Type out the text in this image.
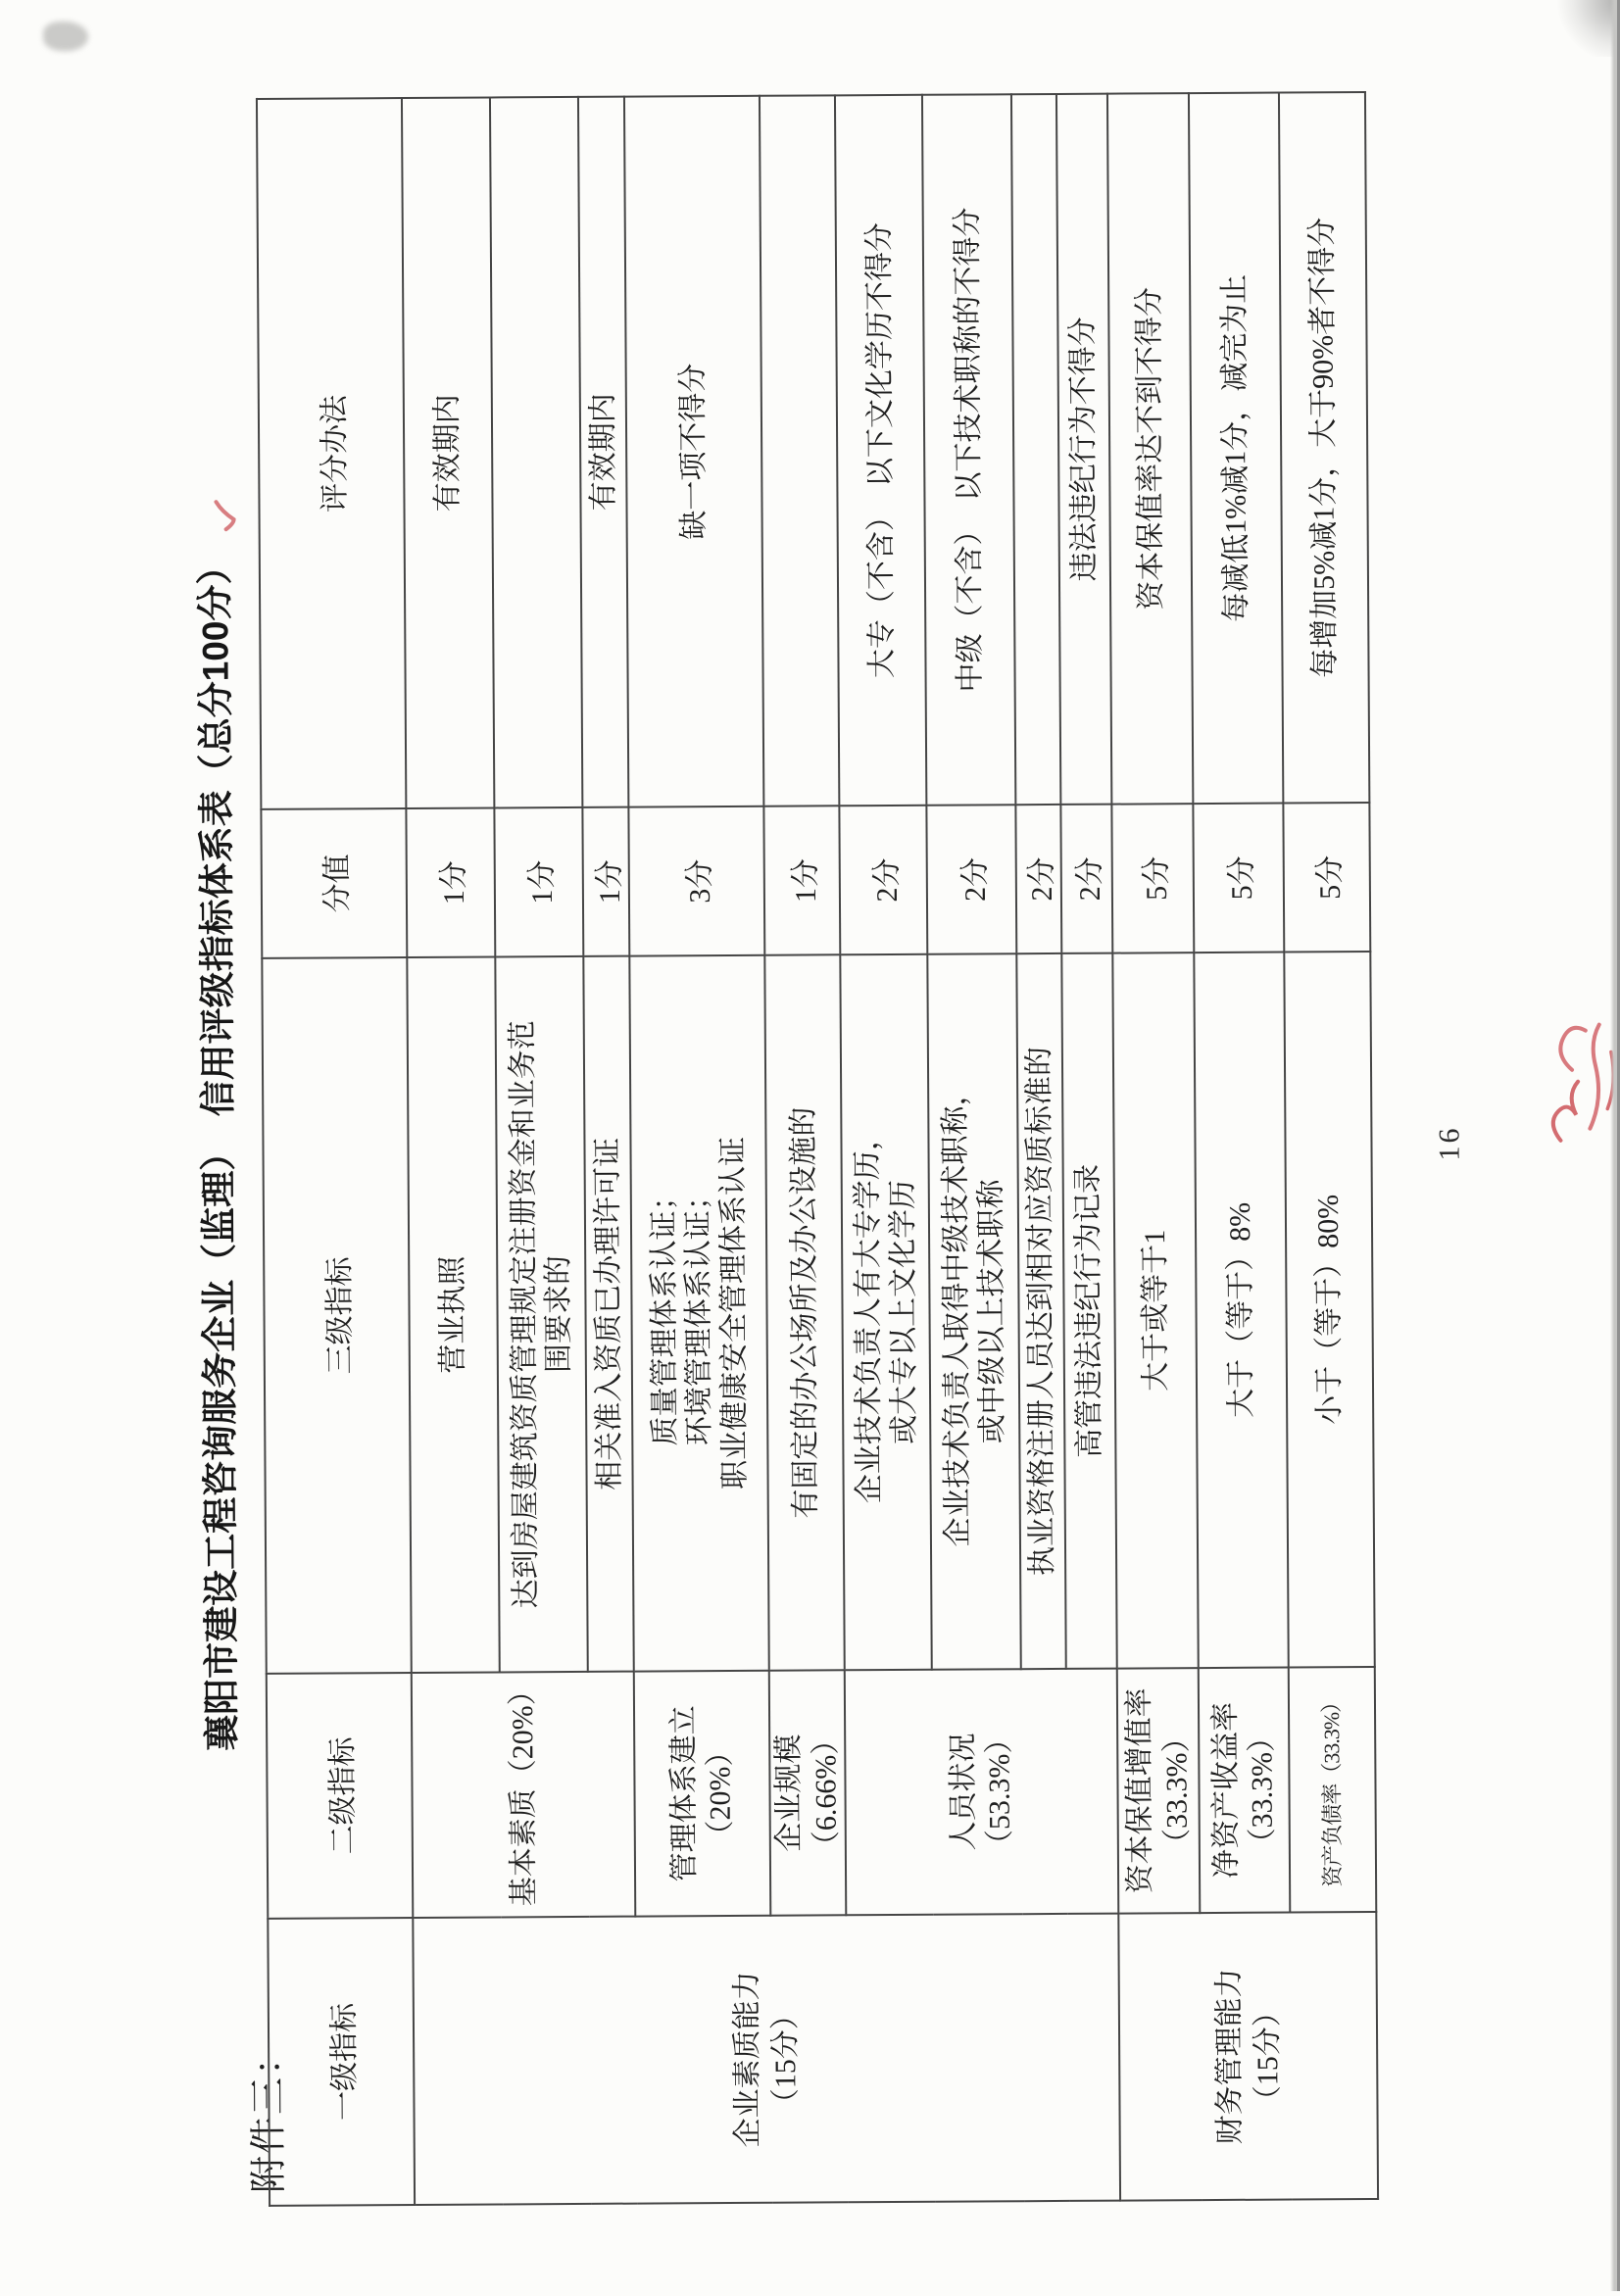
附件三：
襄阳市建设工程咨询服务企业（监理）　信用评级指标体系表（总分100分）
一级指标	二级指标	三级指标	分值	评分办法
企业素质能力
（15分）	基本素质（20%）	营业执照	1分	有效期内
		达到房屋建筑资质管理规定注册资金和业务范
围要求的	1分	
		相关准入资质已办理许可证	1分	有效期内
	管理体系建立
（20%）	质量管理体系认证；
环境管理体系认证；
职业健康安全管理体系认证	3分	缺一项不得分
	企业规模（6.66%）	有固定的办公场所及办公设施的	1分	
	人员状况（53.3%）	企业技术负责人有大专学历，
或大专以上文化学历	2分	大专（不含）　以下文化学历不得分
		企业技术负责人取得中级技术职称，
或中级以上技术职称	2分	中级（不含）　以下技术职称的不得分
		执业资格注册人员达到相对应资质标准的	2分	
		高管违法违纪行为记录	2分	违法违纪行为不得分
财务管理能力
（15分）	资本保值增值率
（33.3%）	大于或等于1	5分	资本保值率达不到不得分
	净资产收益率
（33.3%）	大于（等于）8%	5分	每减低1%减1分，减完为止
	资产负债率（33.3%）	小于（等于）80%	5分	每增加5%减1分，大于90%者不得分
16
